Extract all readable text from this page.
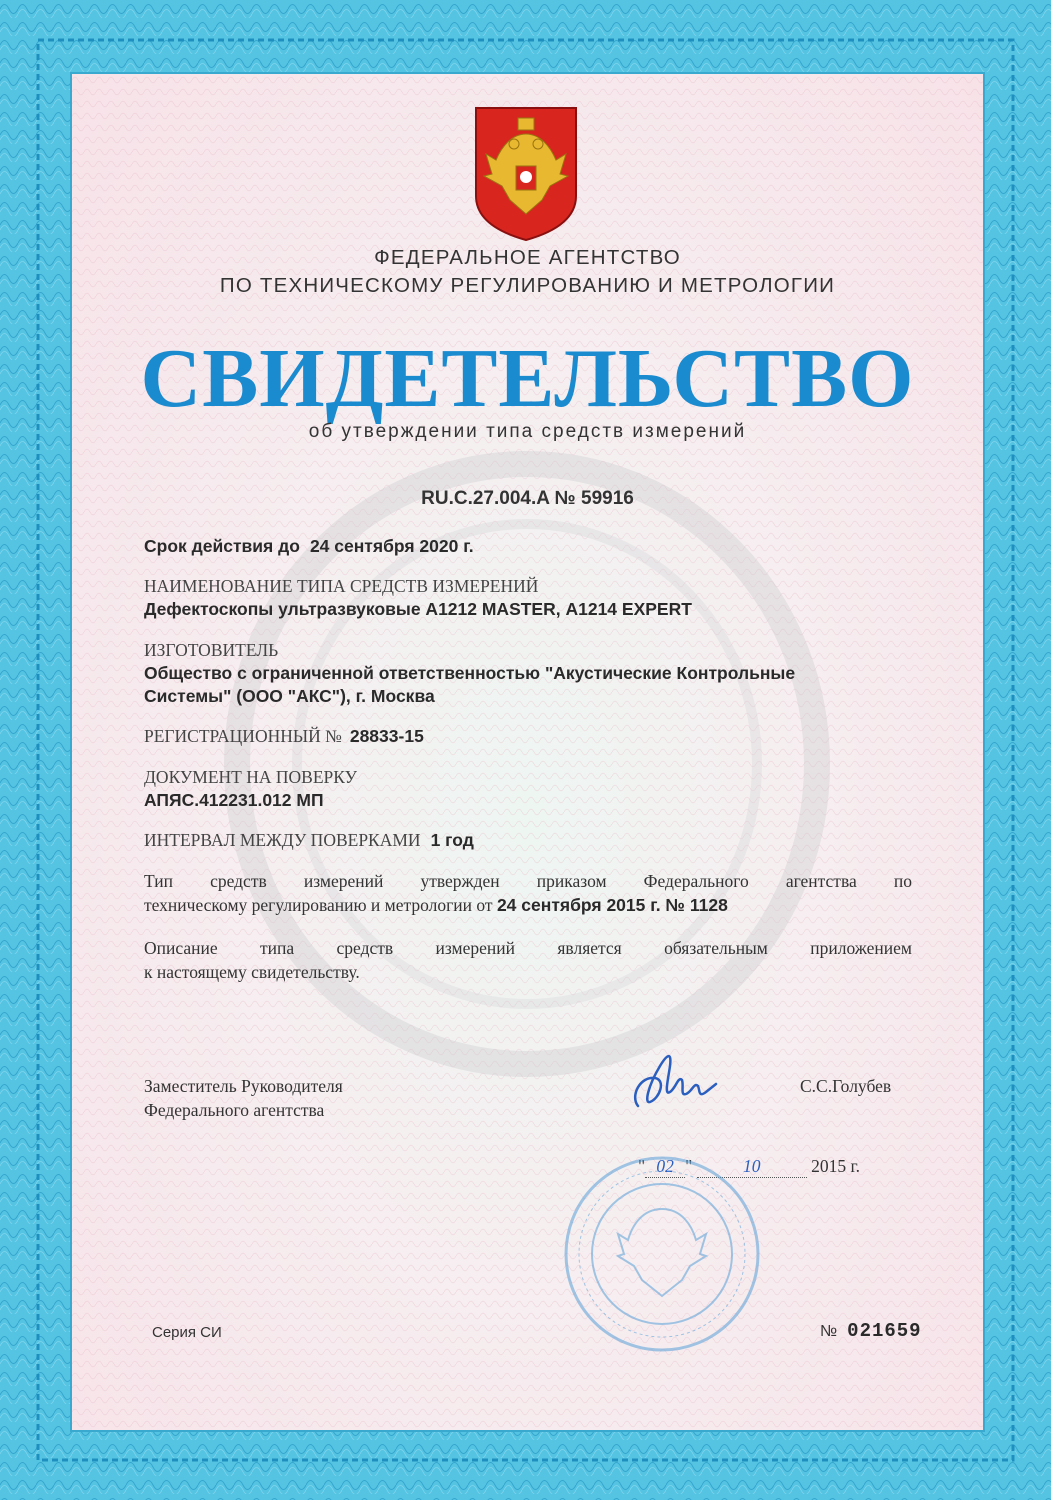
ФЕДЕРАЛЬНОЕ АГЕНТСТВО
ПО ТЕХНИЧЕСКОМУ РЕГУЛИРОВАНИЮ И МЕТРОЛОГИИ
СВИДЕТЕЛЬСТВО
об утверждении типа средств измерений
RU.C.27.004.A № 59916
Срок действия до 24 сентября 2020 г.
НАИМЕНОВАНИЕ ТИПА СРЕДСТВ ИЗМЕРЕНИЙ
Дефектоскопы ультразвуковые А1212 MASTER, А1214 EXPERT
ИЗГОТОВИТЕЛЬ
Общество с ограниченной ответственностью "Акустические Контрольные
Системы" (ООО "АКС"), г. Москва
РЕГИСТРАЦИОННЫЙ № 28833-15
ДОКУМЕНТ НА ПОВЕРКУ
АПЯС.412231.012 МП
ИНТЕРВАЛ МЕЖДУ ПОВЕРКАМИ 1 год
Тип средств измерений утвержден приказом Федерального агентства по
техническому регулированию и метрологии от 24 сентября 2015 г. № 1128
Описание типа средств измерений является обязательным приложением
к настоящему свидетельству.
Заместитель Руководителя
Федерального агентства
С.С.Голубев
" 02 "	10	2015 г.
Серия СИ	№ 021659
